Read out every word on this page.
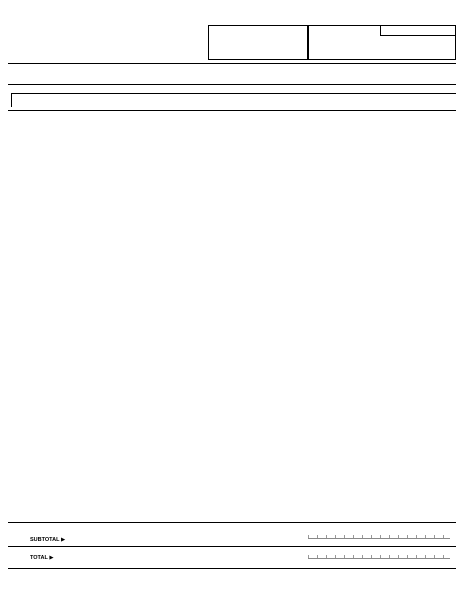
SUBTOTAL ▶
TOTAL ▶
